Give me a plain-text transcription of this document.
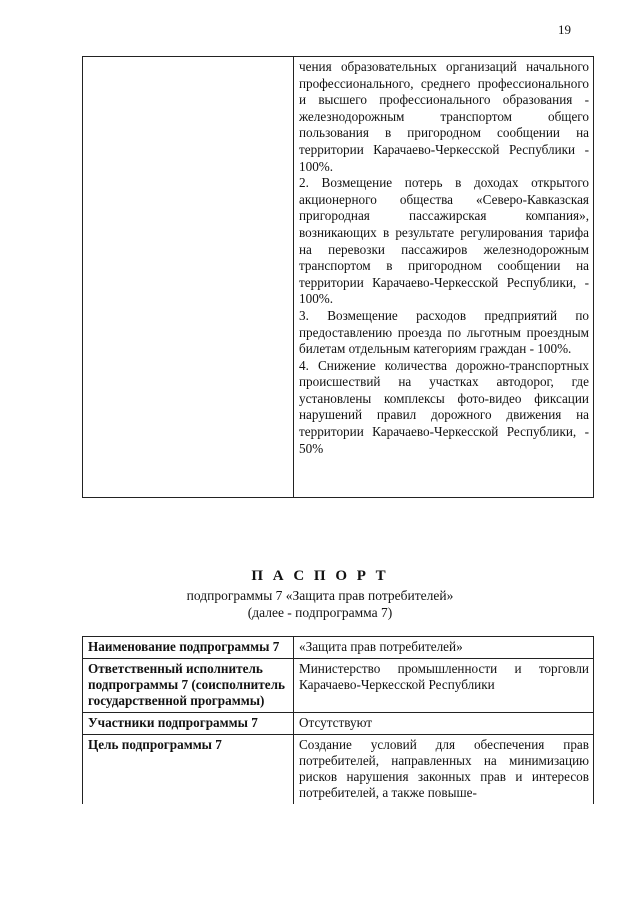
19

чения образовательных организаций начального профессионального, среднего профессионального и высшего профессионального образования - железнодорожным транспортом общего пользования в пригородном сообщении на территории Карачаево-Черкесской Республики - 100%.

2. Возмещение потерь в доходах открытого акционерного общества «Северо-Кавказская пригородная пассажирская компания», возникающих в результате регулирования тарифа на перевозки пассажиров железнодорожным транспортом в пригородном сообщении на территории Карачаево-Черкесской Республики, - 100%.

3. Возмещение расходов предприятий по предоставлению проезда по льготным проездным билетам отдельным категориям граждан - 100%.

4. Снижение количества дорожно-транспортных происшествий на участках автодорог, где установлены комплексы фото-видео фиксации нарушений правил дорожного движения на территории Карачаево-Черкесской Республики, - 50%

П А С П О Р Т
подпрограммы 7 «Защита прав потребителей»
(далее - подпрограмма 7)
Наименование подпрограммы 7	«Защита прав потребителей»
Ответственный исполнитель подпрограммы 7 (соисполнитель государственной программы)	Министерство промышленности и торговли Карачаево-Черкесской Республики
Участники подпрограммы 7	Отсутствуют
Цель подпрограммы 7	Создание условий для обеспечения прав потребителей, направленных на минимизацию рисков нарушения законных прав и интересов потребителей, а также повыше-
